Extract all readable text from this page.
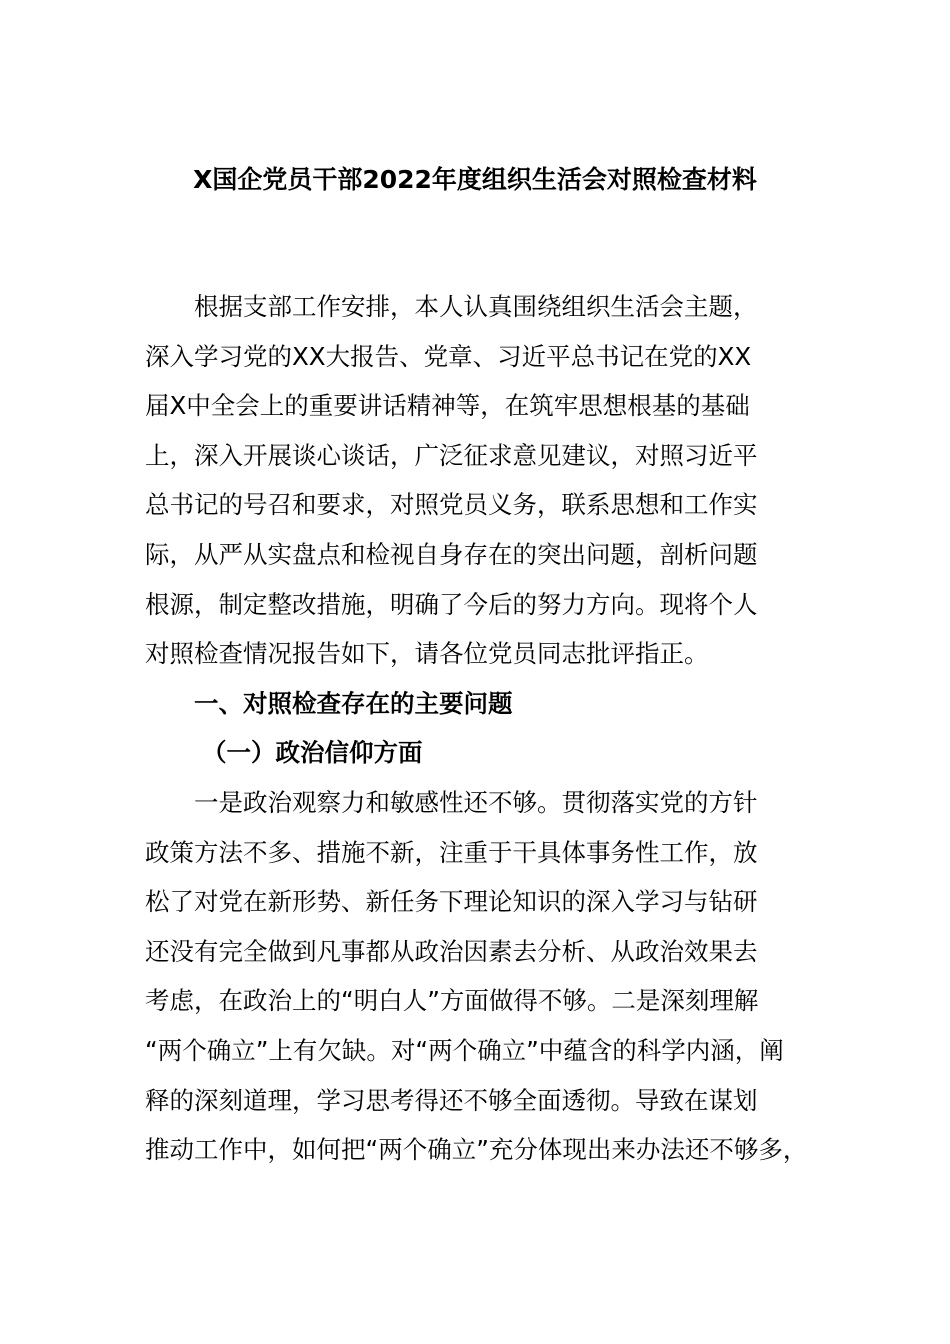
X国企党员干部2022年度组织生活会对照检查材料
根据支部工作安排，本人认真围绕组织生活会主题，
深入学习党的XX大报告、党章、习近平总书记在党的XX
届X中全会上的重要讲话精神等，在筑牢思想根基的基础
上，深入开展谈心谈话，广泛征求意见建议，对照习近平
总书记的号召和要求，对照党员义务，联系思想和工作实
际，从严从实盘点和检视自身存在的突出问题，剖析问题
根源，制定整改措施，明确了今后的努力方向。现将个人
对照检查情况报告如下，请各位党员同志批评指正。
一、对照检查存在的主要问题
（一）政治信仰方面
一是政治观察力和敏感性还不够。贯彻落实党的方针
政策方法不多、措施不新，注重于干具体事务性工作，放
松了对党在新形势、新任务下理论知识的深入学习与钻研
还没有完全做到凡事都从政治因素去分析、从政治效果去
考虑，在政治上的“明白人”方面做得不够。二是深刻理解
“两个确立”上有欠缺。对“两个确立”中蕴含的科学内涵，阐
释的深刻道理，学习思考得还不够全面透彻。导致在谋划
推动工作中，如何把“两个确立”充分体现出来办法还不够多，
